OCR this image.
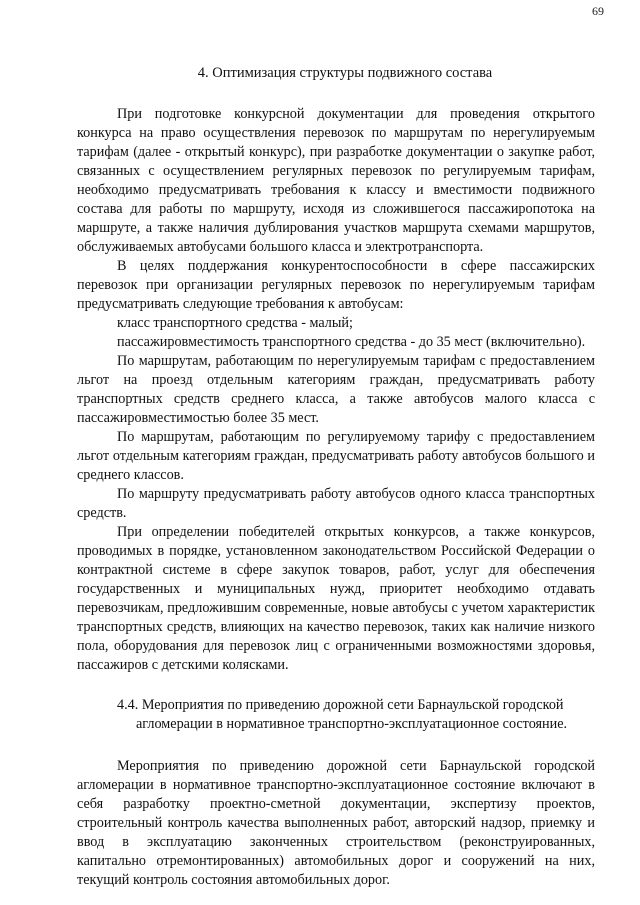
69
4. Оптимизация структуры подвижного состава

При подготовке конкурсной документации для проведения открытого конкурса на право осуществления перевозок по маршрутам по нерегулируемым тарифам (далее - открытый конкурс), при разработке документации о закупке работ, связанных с осуществлением регулярных перевозок по регулируемым тарифам, необходимо предусматривать требования к классу и вместимости подвижного состава для работы по маршруту, исходя из сложившегося пассажиропотока на маршруте, а также наличия дублирования участков маршрута схемами маршрутов, обслуживаемых автобусами большого класса и электротранспорта.

В целях поддержания конкурентоспособности в сфере пассажирских перевозок при организации регулярных перевозок по нерегулируемым тарифам предусматривать следующие требования к автобусам:

класс транспортного средства - малый;

пассажировместимость транспортного средства - до 35 мест (включительно).

По маршрутам, работающим по нерегулируемым тарифам с предоставлением льгот на проезд отдельным категориям граждан, предусматривать работу транспортных средств среднего класса, а также автобусов малого класса с пассажировместимостью более 35 мест.

По маршрутам, работающим по регулируемому тарифу с предоставлением льгот отдельным категориям граждан, предусматривать работу автобусов большого и среднего классов.

По маршруту предусматривать работу автобусов одного класса транспортных средств.

При определении победителей открытых конкурсов, а также конкурсов, проводимых в порядке, установленном законодательством Российской Федерации о контрактной системе в сфере закупок товаров, работ, услуг для обеспечения государственных и муниципальных нужд, приоритет необходимо отдавать перевозчикам, предложившим современные, новые автобусы с учетом характеристик транспортных средств, влияющих на качество перевозок, таких как наличие низкого пола, оборудования для перевозок лиц с ограниченными возможностями здоровья, пассажиров с детскими колясками.

4.4. Мероприятия по приведению дорожной сети Барнаульской городской
агломерации в нормативное транспортно-эксплуатационное состояние.

Мероприятия по приведению дорожной сети Барнаульской городской агломерации в нормативное транспортно-эксплуатационное состояние включают в себя разработку проектно-сметной документации, экспертизу проектов, строительный контроль качества выполненных работ, авторский надзор, приемку и ввод в эксплуатацию законченных строительством (реконструированных, капитально отремонтированных) автомобильных дорог и сооружений на них, текущий контроль состояния автомобильных дорог.
